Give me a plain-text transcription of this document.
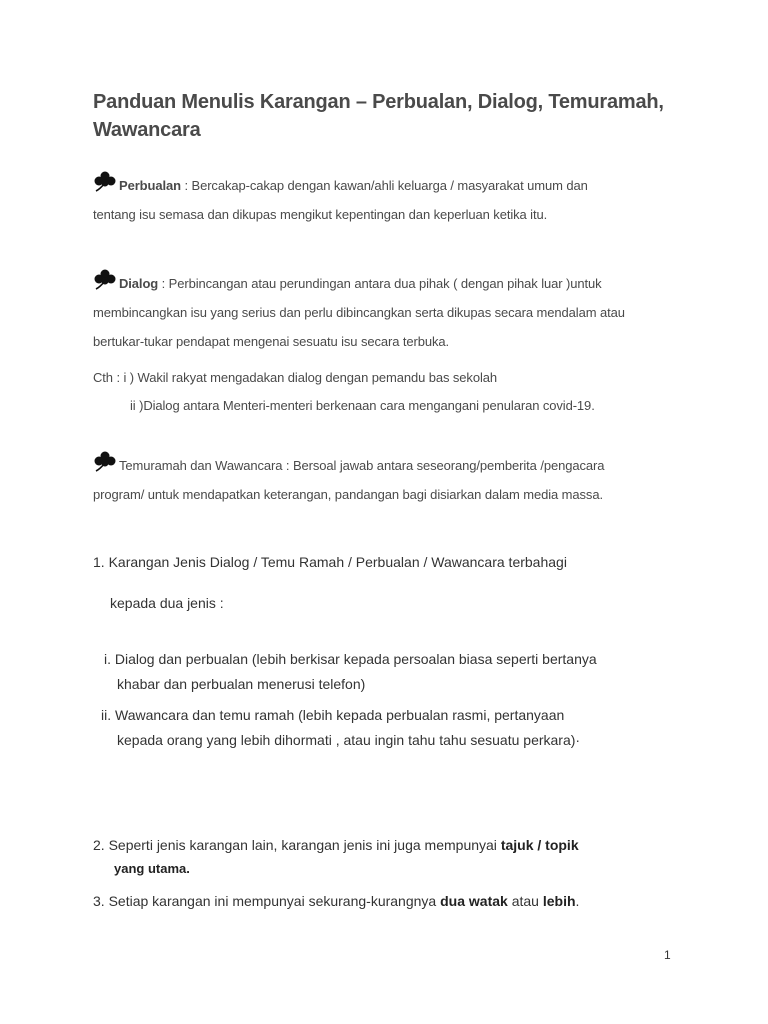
Panduan Menulis Karangan – Perbualan, Dialog, Temuramah,
Wawancara
Perbualan : Bercakap-cakap dengan kawan/ahli keluarga / masyarakat umum dan
tentang isu semasa dan dikupas mengikut kepentingan dan keperluan ketika itu.
Dialog : Perbincangan atau perundingan antara dua pihak ( dengan pihak luar )untuk
membincangkan isu yang serius dan perlu dibincangkan serta dikupas secara mendalam atau
bertukar-tukar pendapat mengenai sesuatu isu secara terbuka.
Cth : i ) Wakil rakyat mengadakan dialog dengan pemandu bas sekolah
ii )Dialog antara Menteri-menteri berkenaan cara mengangani penularan covid-19.
Temuramah dan Wawancara : Bersoal jawab antara seseorang/pemberita /pengacara
program/ untuk mendapatkan keterangan, pandangan bagi disiarkan dalam media massa.
1. Karangan Jenis Dialog / Temu Ramah / Perbualan / Wawancara terbahagi
kepada dua jenis :
i. Dialog dan perbualan (lebih berkisar kepada persoalan biasa seperti bertanya
khabar dan perbualan menerusi telefon)
ii. Wawancara dan temu ramah (lebih kepada perbualan rasmi, pertanyaan
kepada orang yang lebih dihormati , atau ingin tahu tahu sesuatu perkara)·
2. Seperti jenis karangan lain, karangan jenis ini juga mempunyai tajuk / topik
yang utama.
3. Setiap karangan ini mempunyai sekurang-kurangnya dua watak atau lebih.
1
